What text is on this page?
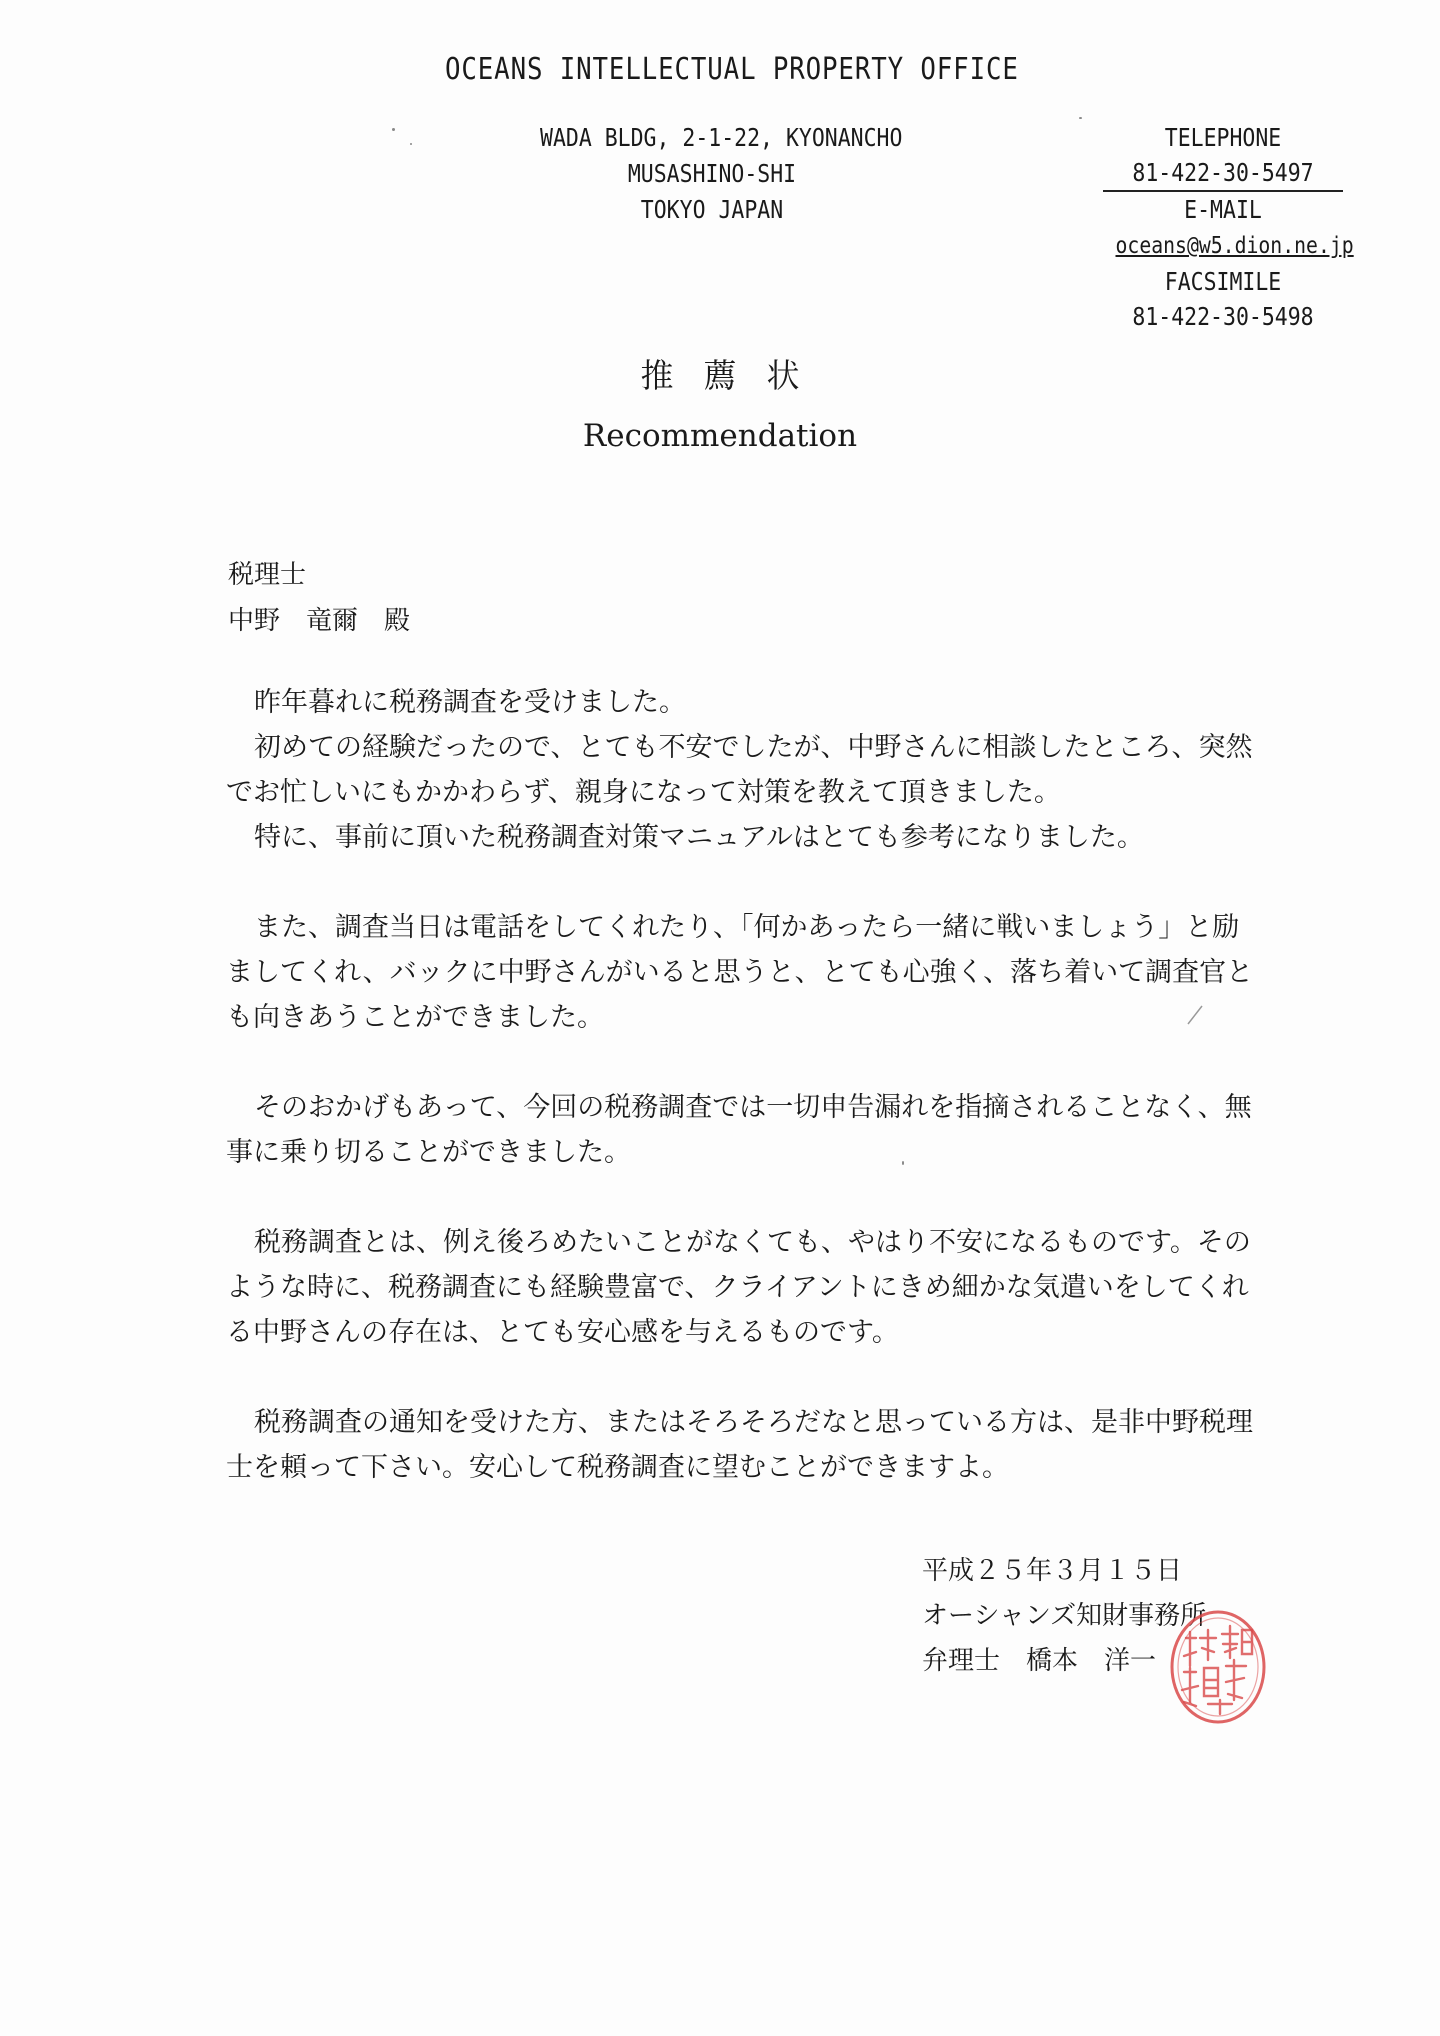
OCEANS INTELLECTUAL PROPERTY OFFICE
WADA BLDG, 2-1-22, KYONANCHO
MUSASHINO-SHI
TOKYO JAPAN
TELEPHONE
81-422-30-5497
E-MAIL
oceans@w5.dion.ne.jp
FACSIMILE
81-422-30-5498
推薦状
Recommendation
税理士
中野　竜爾　殿

昨年暮れに税務調査を受けました。

初めての経験だったので、とても不安でしたが、中野さんに相談したところ、突然でお忙しいにもかかわらず、親身になって対策を教えて頂きました。

特に、事前に頂いた税務調査対策マニュアルはとても参考になりました。

また、調査当日は電話をしてくれたり、「何かあったら一緒に戦いましょう」と励ましてくれ、バックに中野さんがいると思うと、とても心強く、落ち着いて調査官とも向きあうことができました。

そのおかげもあって、今回の税務調査では一切申告漏れを指摘されることなく、無事に乗り切ることができました。

税務調査とは、例え後ろめたいことがなくても、やはり不安になるものです。そのような時に、税務調査にも経験豊富で、クライアントにきめ細かな気遣いをしてくれる中野さんの存在は、とても安心感を与えるものです。

税務調査の通知を受けた方、またはそろそろだなと思っている方は、是非中野税理士を頼って下さい。安心して税務調査に望むことができますよ。

平成２５年３月１５日
オーシャンズ知財事務所
弁理士　橋本　洋一
